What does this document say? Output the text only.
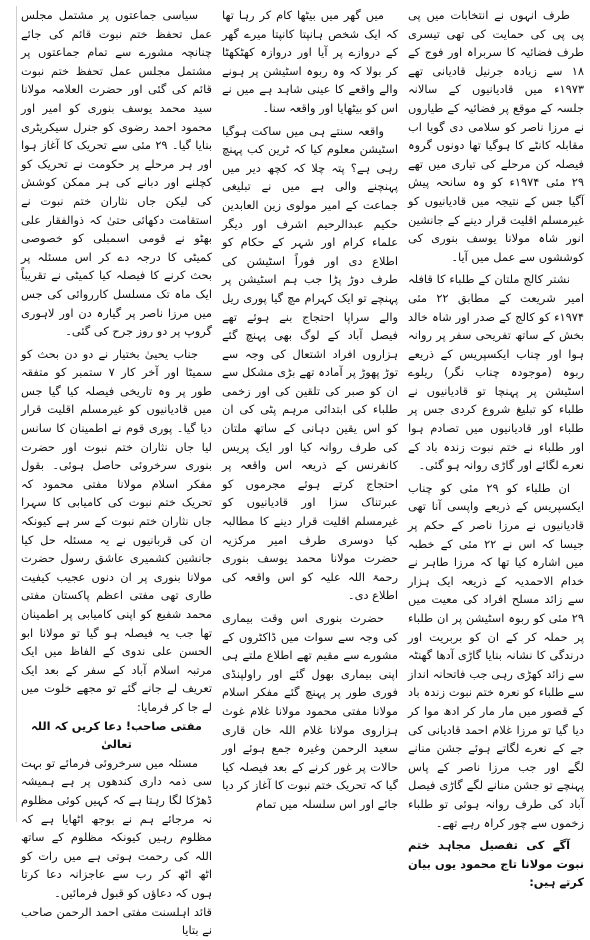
طرف انہوں نے انتخابات میں پی پی پی کی حمایت کی تھی تیسری طرف فضائیہ کا سربراہ اور فوج کے ۱۸ سے زیادہ جرنیل قادیانی تھے ۱۹۷۳ء میں قادیانیوں کے سالانہ جلسہ کے موقع پر فضائیہ کے طیاروں نے مرزا ناصر کو سلامی دی گویا اب مقابلہ کانٹے کا ہوگیا تھا دونوں گروہ فیصلہ کن مرحلے کی تیاری میں تھے ۲۹ مئی ۱۹۷۴ء کو وہ سانحہ پیش آگیا جس کے نتیجہ میں قادیانیوں کو غیرمسلم اقلیت قرار دینے کے جانشین انور شاہ مولانا یوسف بنوری کی کوششوں سے عمل میں آیا۔

نشتر کالج ملتان کے طلباء کا قافلہ امیر شریعت کے مطابق ۲۲ مئی ۱۹۷۴ء کو کالج کے صدر اور شاہ خالد بخش کے ساتھ تفریحی سفر پر روانہ ہوا اور چناب ایکسپریس کے ذریعے ربوہ (موجودہ چناب نگر) ریلوے اسٹیشن پر پہنچا تو قادیانیوں نے طلباء کو تبلیغ شروع کردی جس پر طلباء اور قادیانیوں میں تصادم ہوا اور طلباء نے ختم نبوت زندہ باد کے نعرے لگائے اور گاڑی روانہ ہو گئی۔

ان طلباء کو ۲۹ مئی کو چناب ایکسپریس کے ذریعے واپسی آنا تھی قادیانیوں نے مرزا ناصر کے حکم پر جیسا کہ اس نے ۲۲ مئی کے خطبہ میں اشارہ کیا تھا کہ مرزا طاہر نے خدام الاحمدیہ کے ذریعہ ایک ہزار سے زائد مسلح افراد کی معیت میں ۲۹ مئی کو ربوہ اسٹیشن پر ان طلباء پر حملہ کر کے ان کو بربریت اور درندگی کا نشانہ بنایا گاڑی آدھا گھنٹہ سے زائد کھڑی رہی جب فاتحانہ انداز سے طلباء کو نعرہ ختم نبوت زندہ باد کے قصور میں مار مار کر ادھ موا کر دیا گیا تو مرزا غلام احمد قادیانی کی جے کے نعرے لگاتے ہوئے جشن منانے لگے اور جب مرزا ناصر کے پاس پہنچے تو جشن منانے لگے گاڑی فیصل آباد کی طرف روانہ ہوئی تو طلباء زخموں سے چور کراہ رہے تھے۔

آگے کی تفصیل مجاہد ختم نبوت مولانا تاج محمود یوں بیان کرتے ہیں:

میں گھر میں بیٹھا کام کر رہا تھا کہ ایک شخص ہانپتا کانپتا میرے گھر کے دروازے پر آیا اور دروازہ کھٹکھٹا کر بولا کہ وہ ربوہ اسٹیشن پر ہونے والے واقعے کا عینی شاہد ہے میں نے اس کو بیٹھایا اور واقعہ سنا۔

واقعہ سنتے ہی میں ساکت ہوگیا اسٹیشن معلوم کیا کہ ٹرین کب پہنچ رہی ہے؟ پتہ چلا کہ کچھ دیر میں پہنچنے والی ہے میں نے تبلیغی جماعت کے امیر مولوی زین العابدین حکیم عبدالرحیم اشرف اور دیگر علماء کرام اور شہر کے حکام کو اطلاع دی اور فوراً اسٹیشن کی طرف دوڑ پڑا جب ہم اسٹیشن پر پہنچے تو ایک کہرام مچ گیا پوری ریل والے سراپا احتجاج بنے ہوئے تھے فیصل آباد کے لوگ بھی پہنچ گئے ہزاروں افراد اشتعال کی وجہ سے توڑ پھوڑ پر آمادہ تھے بڑی مشکل سے ان کو صبر کی تلقین کی اور زخمی طلباء کی ابتدائی مرہم پٹی کی ان کو اس یقین دہانی کے ساتھ ملتان کی طرف روانہ کیا اور ایک پریس کانفرنس کے ذریعہ اس واقعہ پر احتجاج کرتے ہوئے مجرموں کو عبرتناک سزا اور قادیانیوں کو غیرمسلم اقلیت قرار دینے کا مطالبہ کیا دوسری طرف امیر مرکزیہ حضرت مولانا محمد یوسف بنوری رحمۃ اللہ علیہ کو اس واقعہ کی اطلاع دی۔

حضرت بنوری اس وقت بیماری کی وجہ سے سوات میں ڈاکٹروں کے مشورے سے مقیم تھے اطلاع ملتے ہی اپنی بیماری بھول گئے اور راولپنڈی فوری طور پر پہنچ گئے مفکر اسلام مولانا مفتی محمود مولانا غلام غوث ہزاروی مولانا غلام اللہ خان قاری سعید الرحمن وغیرہ جمع ہوئے اور حالات پر غور کرنے کے بعد فیصلہ کیا گیا کہ تحریک ختم نبوت کا آغاز کر دیا جائے اور اس سلسلہ میں تمام

سیاسی جماعتوں پر مشتمل مجلس عمل تحفظ ختم نبوت قائم کی جائے چنانچہ مشورے سے تمام جماعتوں پر مشتمل مجلس عمل تحفظ ختم نبوت قائم کی گئی اور حضرت العلامہ مولانا سید محمد یوسف بنوری کو امیر اور محمود احمد رضوی کو جنرل سیکریٹری بنایا گیا۔ ۲۹ مئی سے تحریک کا آغاز ہوا اور ہر مرحلے پر حکومت نے تحریک کو کچلنے اور دبانے کی ہر ممکن کوشش کی لیکن جاں نثاران ختم نبوت نے استقامت دکھائی حتیٰ کہ ذوالفقار علی بھٹو نے قومی اسمبلی کو خصوصی کمیٹی کا درجہ دے کر اس مسئلہ پر بحث کرنے کا فیصلہ کیا کمیٹی نے تقریباً ایک ماہ تک مسلسل کارروائی کی جس میں مرزا ناصر پر گیارہ دن اور لاہوری گروپ پر دو روز جرح کی گئی۔

جناب یحییٰ بختیار نے دو دن بحث کو سمیٹا اور آخر کار ۷ ستمبر کو متفقہ طور پر وہ تاریخی فیصلہ کیا گیا جس میں قادیانیوں کو غیرمسلم اقلیت قرار دیا گیا۔ پوری قوم نے اطمینان کا سانس لیا جاں نثاران ختم نبوت اور حضرت بنوری سرخروئی حاصل ہوئی۔ بقول مفکر اسلام مولانا مفتی محمود کہ تحریک ختم نبوت کی کامیابی کا سہرا جاں نثاران ختم نبوت کے سر ہے کیونکہ ان کی قربانیوں نے یہ مسئلہ حل کیا جانشین کشمیری عاشق رسول حضرت مولانا بنوری پر ان دنوں عجیب کیفیت طاری تھی مفتی اعظم پاکستان مفتی محمد شفیع کو اپنی کامیابی پر اطمینان تھا جب یہ فیصلہ ہو گیا تو مولانا ابو الحسن علی ندوی کے الفاظ میں ایک مرتبہ اسلام آباد کے سفر کے بعد ایک تعریف لے جانے گئے تو مجھے خلوت میں لے جا کر فرمایا:

مفتی صاحب! دعا کریں کہ اللہ تعالیٰ

مسئلہ میں سرخروئی فرمائے تو بہت سی ذمہ داری کندھوں پر ہے ہمیشہ ڈھڑکا لگا رہتا ہے کہ کہیں کوئی مظلوم نہ مرجائے ہم نے بوجھ اٹھایا ہے کہ مظلوم رہیں کیونکہ مظلوم کے ساتھ اللہ کی رحمت ہوتی ہے میں رات کو اٹھ اٹھ کر رب سے عاجزانہ دعا کرتا ہوں کہ دعاؤں کو قبول فرمائیں۔

قائد اہلسنت مفتی احمد الرحمن صاحب نے بتایا
